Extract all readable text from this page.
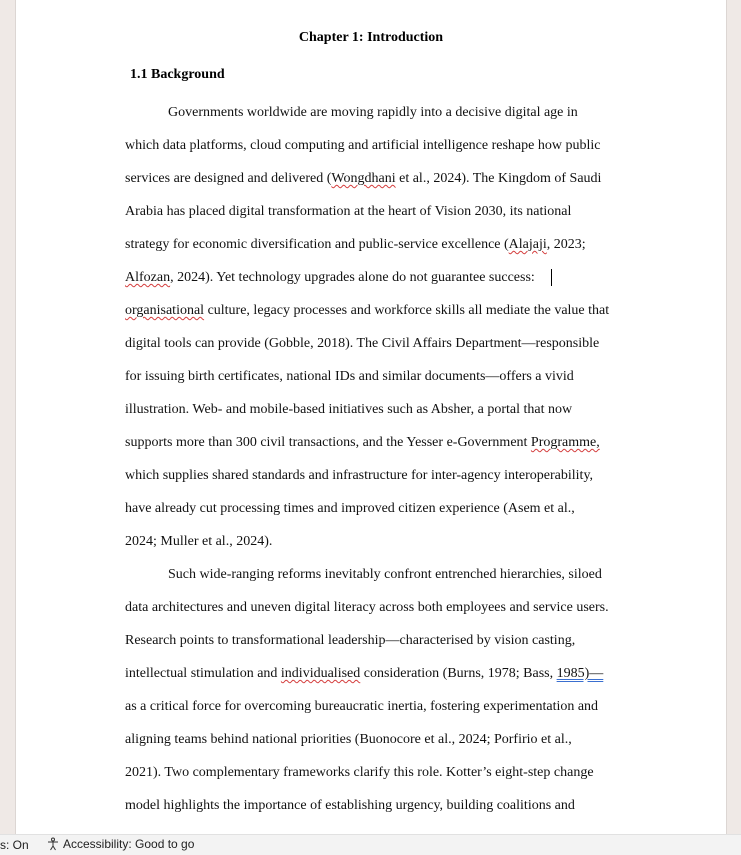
Chapter 1: Introduction
1.1 Background
Governments worldwide are moving rapidly into a decisive digital age in
which data platforms, cloud computing and artificial intelligence reshape how public
services are designed and delivered (Wongdhani et al., 2024). The Kingdom of Saudi
Arabia has placed digital transformation at the heart of Vision 2030, its national
strategy for economic diversification and public-service excellence (Alajaji, 2023;
Alfozan, 2024). Yet technology upgrades alone do not guarantee success:
organisational culture, legacy processes and workforce skills all mediate the value that
digital tools can provide (Gobble, 2018). The Civil Affairs Department—responsible
for issuing birth certificates, national IDs and similar documents—offers a vivid
illustration. Web- and mobile-based initiatives such as Absher, a portal that now
supports more than 300 civil transactions, and the Yesser e-Government Programme,
which supplies shared standards and infrastructure for inter-agency interoperability,
have already cut processing times and improved citizen experience (Asem et al.,
2024; Muller et al., 2024).
Such wide-ranging reforms inevitably confront entrenched hierarchies, siloed
data architectures and uneven digital literacy across both employees and service users.
Research points to transformational leadership—characterised by vision casting,
intellectual stimulation and individualised consideration (Burns, 1978; Bass, 1985)—
as a critical force for overcoming bureaucratic inertia, fostering experimentation and
aligning teams behind national priorities (Buonocore et al., 2024; Porfirio et al.,
2021). Two complementary frameworks clarify this role. Kotter’s eight-step change
model highlights the importance of establishing urgency, building coalitions and
s: On	Accessibility: Good to go
